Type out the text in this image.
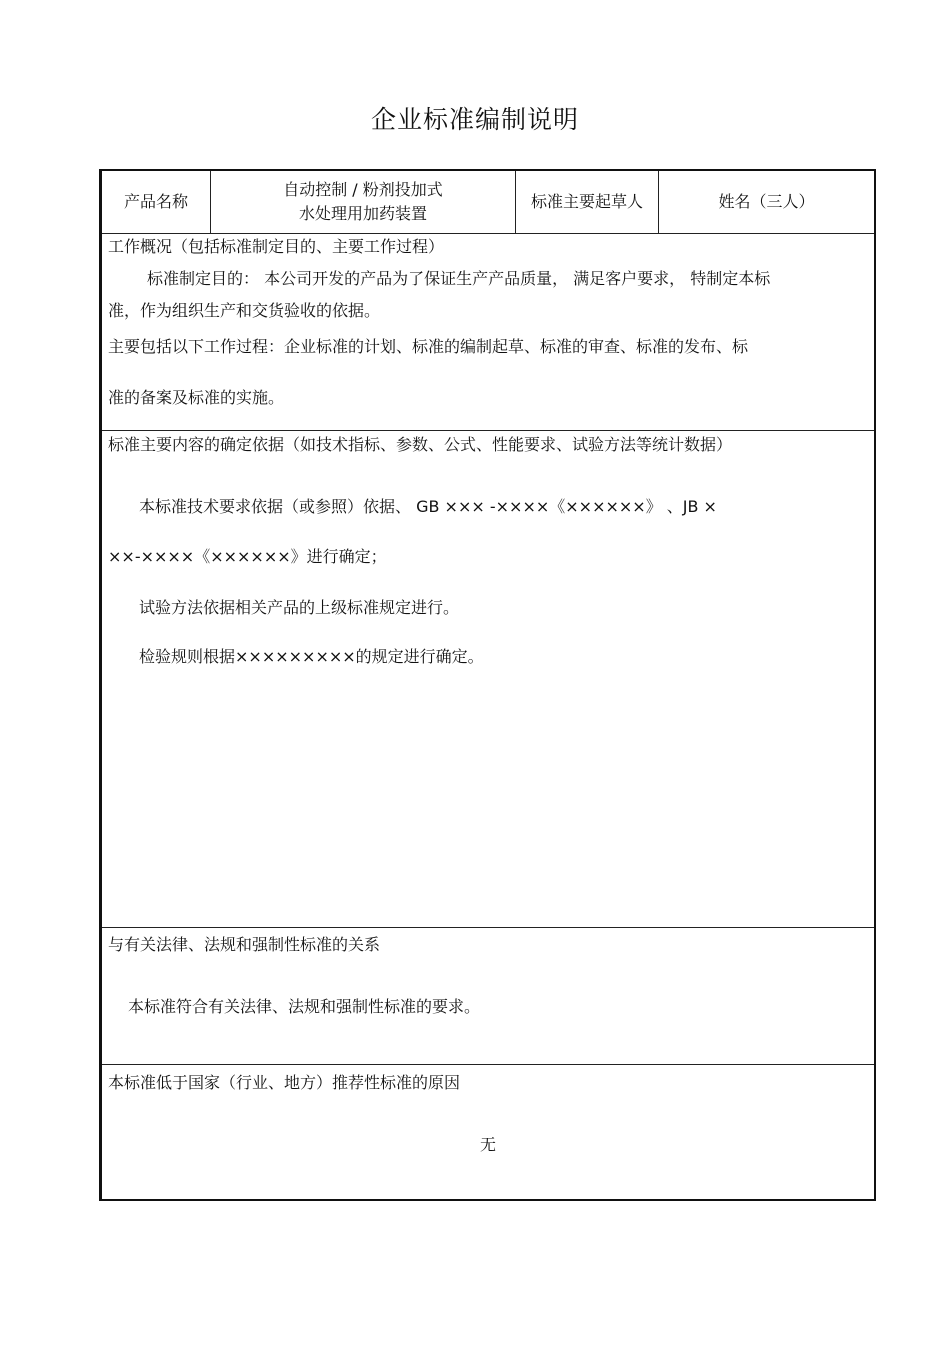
企业标准编制说明
产品名称
自动控制 / 粉剂投加式
水处理用加药装置
标准主要起草人	姓名（三人）
工作概况（包括标准制定目的、主要工作过程）
标准制定目的： 本公司开发的产品为了保证生产产品质量， 满足客户要求， 特制定本标
准，作为组织生产和交货验收的依据。
主要包括以下工作过程：企业标准的计划、标准的编制起草、标准的审查、标准的发布、标
准的备案及标准的实施。
标准主要内容的确定依据（如技术指标、参数、公式、性能要求、试验方法等统计数据）
本标准技术要求依据（或参照）依据、 GB ××× -××××《××××××》 、JB ×
××-××××《××××××》进行确定；
试验方法依据相关产品的上级标准规定进行。
检验规则根据×××××××××的规定进行确定。
与有关法律、法规和强制性标准的关系
本标准符合有关法律、法规和强制性标准的要求。
本标准低于国家（行业、地方）推荐性标准的原因
无
